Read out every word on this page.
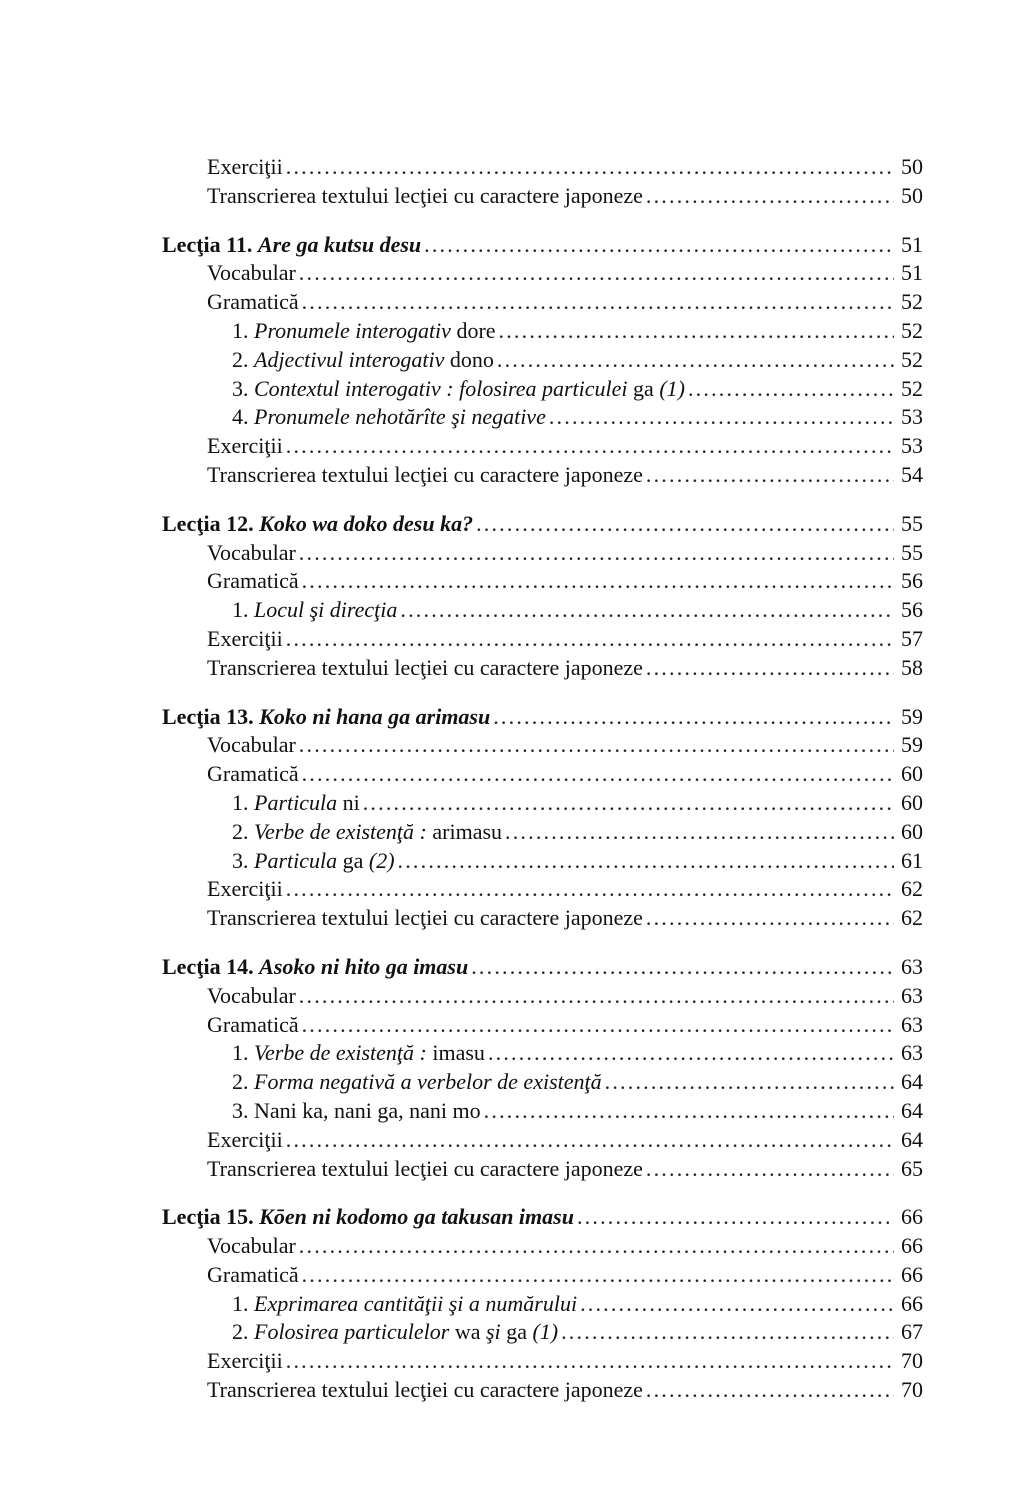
Exerciţii .....	50
Transcrierea textului lecţiei cu caractere japoneze .....	50
Lecţia 11. Are ga kutsu desu .....	51
Vocabular .....	51
Gramatică .....	52
1. Pronumele interogativ dore .....	52
2. Adjectivul interogativ dono .....	52
3. Contextul interogativ : folosirea particulei ga (1) .....	52
4. Pronumele nehotărîte şi negative .....	53
Exerciţii .....	53
Transcrierea textului lecţiei cu caractere japoneze .....	54
Lecţia 12. Koko wa doko desu ka? .....	55
Vocabular .....	55
Gramatică .....	56
1. Locul şi direcţia .....	56
Exerciţii .....	57
Transcrierea textului lecţiei cu caractere japoneze .....	58
Lecţia 13. Koko ni hana ga arimasu .....	59
Vocabular .....	59
Gramatică .....	60
1. Particula ni .....	60
2. Verbe de existenţă : arimasu .....	60
3. Particula ga (2) .....	61
Exerciţii .....	62
Transcrierea textului lecţiei cu caractere japoneze .....	62
Lecţia 14. Asoko ni hito ga imasu .....	63
Vocabular .....	63
Gramatică .....	63
1. Verbe de existenţă : imasu .....	63
2. Forma negativă a verbelor de existenţă .....	64
3. Nani ka, nani ga, nani mo .....	64
Exerciţii .....	64
Transcrierea textului lecţiei cu caractere japoneze .....	65
Lecţia 15. Kōen ni kodomo ga takusan imasu .....	66
Vocabular .....	66
Gramatică .....	66
1. Exprimarea cantităţii şi a numărului .....	66
2. Folosirea particulelor wa şi ga (1) .....	67
Exerciţii .....	70
Transcrierea textului lecţiei cu caractere japoneze .....	70
